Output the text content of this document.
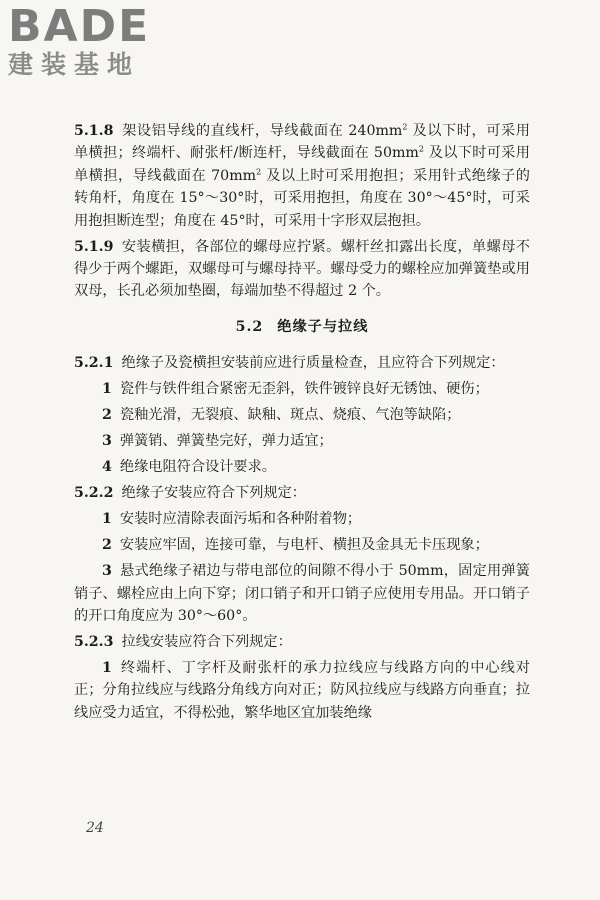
BADE
建装基地

5.1.8 架设铝导线的直线杆，导线截面在 $240mm^2$ 及以下时，可采用单横担；终端杆、耐张杆/断连杆，导线截面在 $50mm^2$ 及以下时可采用单横担，导线截面在 $70mm^2$ 及以上时可采用抱担；采用针式绝缘子的转角杆，角度在 15°～30°时，可采用抱担，角度在 30°～45°时，可采用抱担断连型；角度在 45°时，可采用十字形双层抱担。

5.1.9 安装横担，各部位的螺母应拧紧。螺杆丝扣露出长度，单螺母不得少于两个螺距，双螺母可与螺母持平。螺母受力的螺栓应加弹簧垫或用双母，长孔必须加垫圈，每端加垫不得超过 2 个。

5.2 绝缘子与拉线

5.2.1 绝缘子及瓷横担安装前应进行质量检查，且应符合下列规定：

1 瓷件与铁件组合紧密无歪斜，铁件镀锌良好无锈蚀、硬伤；

2 瓷釉光滑，无裂痕、缺釉、斑点、烧痕、气泡等缺陷；

3 弹簧销、弹簧垫完好，弹力适宜；

4 绝缘电阻符合设计要求。

5.2.2 绝缘子安装应符合下列规定：

1 安装时应清除表面污垢和各种附着物；

2 安装应牢固，连接可靠，与电杆、横担及金具无卡压现象；

3 悬式绝缘子裙边与带电部位的间隙不得小于 50mm，固定用弹簧销子、螺栓应由上向下穿；闭口销子和开口销子应使用专用品。开口销子的开口角度应为 30°～60°。

5.2.3 拉线安装应符合下列规定：

1 终端杆、丁字杆及耐张杆的承力拉线应与线路方向的中心线对正；分角拉线应与线路分角线方向对正；防风拉线应与线路方向垂直；拉线应受力适宜，不得松弛，繁华地区宜加装绝缘

24
